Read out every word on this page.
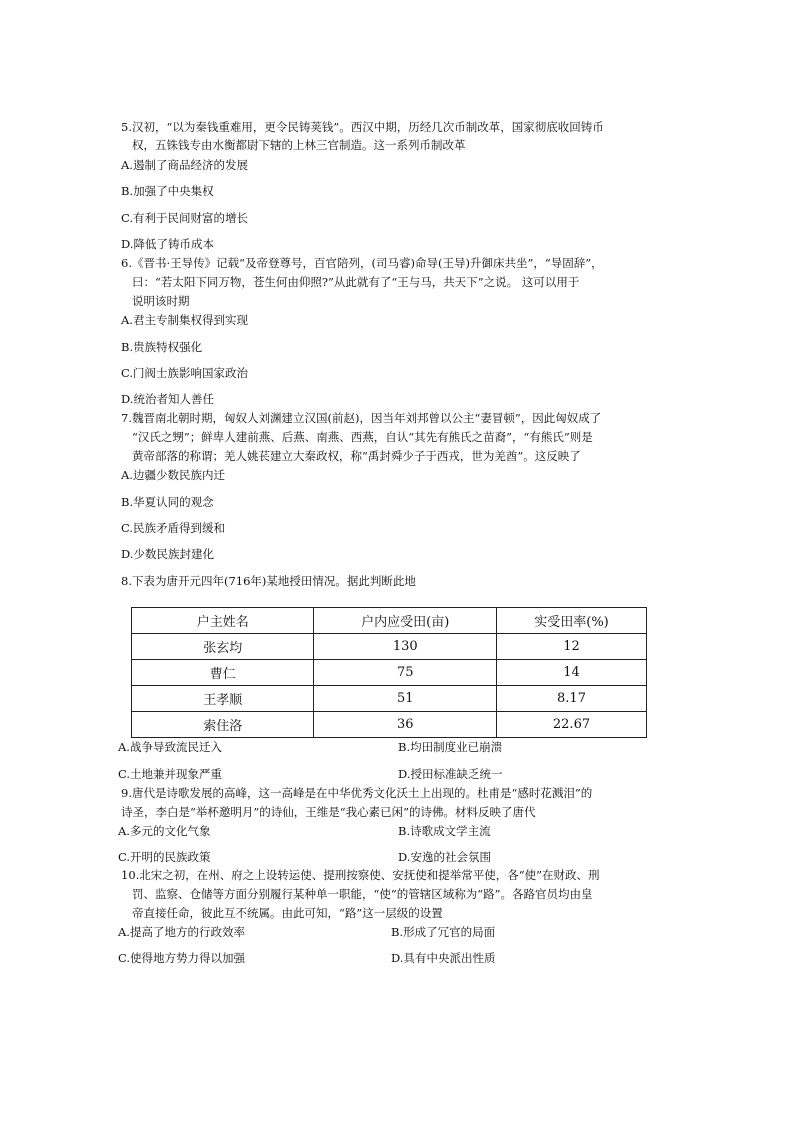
5.汉初，“以为秦钱重难用，更令民铸荚钱”。西汉中期，历经几次币制改革，国家彻底收回铸币
权，五铢钱专由水衡都尉下辖的上林三官制造。这一系列币制改革
A.遏制了商品经济的发展
B.加强了中央集权
C.有利于民间财富的增长
D.降低了铸币成本
6.《晋书·王导传》记载“及帝登尊号，百官陪列，(司马睿)命导(王导)升御床共坐”，“导固辞”，
曰：“若太阳下同万物，苍生何由仰照?”从此就有了“王与马，共天下”之说。 这可以用于
说明该时期
A.君主专制集权得到实现
B.贵族特权强化
C.门阀士族影响国家政治
D.统治者知人善任
7.魏晋南北朝时期，匈奴人刘渊建立汉国(前赵)，因当年刘邦曾以公主“妻冒顿”，因此匈奴成了
“汉氏之甥”；鲜卑人建前燕、后燕、南燕、西燕，自认“其先有熊氏之苗裔”，“有熊氏”则是
黄帝部落的称谓；羌人姚苌建立大秦政权，称“禹封舜少子于西戎，世为羌酋”。这反映了
A.边疆少数民族内迁
B.华夏认同的观念
C.民族矛盾得到缓和
D.少数民族封建化
8.下表为唐开元四年(716年)某地授田情况。据此判断此地
户主姓名	户内应受田(亩)	实受田率(%)
张玄均	130	12
曹仁	75	14
王孝顺	51	8.17
索住洛	36	22.67
A.战争导致流民迁入	B.均田制度业已崩溃
C.土地兼并现象严重	D.授田标准缺乏统一
9.唐代是诗歌发展的高峰，这一高峰是在中华优秀文化沃土上出现的。杜甫是“感时花溅泪”的
诗圣，李白是“举杯邀明月”的诗仙，王维是“我心素已闲”的诗佛。材料反映了唐代
A.多元的文化气象	B.诗歌成文学主流
C.开明的民族政策	D.安逸的社会氛围
10.北宋之初，在州、府之上设转运使、提刑按察使、安抚使和提举常平使，各“使”在财政、刑
罚、监察、仓储等方面分别履行某种单一职能，“使”的管辖区域称为“路”。各路官员均由皇
帝直接任命，彼此互不统属。由此可知，“路”这一层级的设置
A.提高了地方的行政效率	B.形成了冗官的局面
C.使得地方势力得以加强	D.具有中央派出性质
